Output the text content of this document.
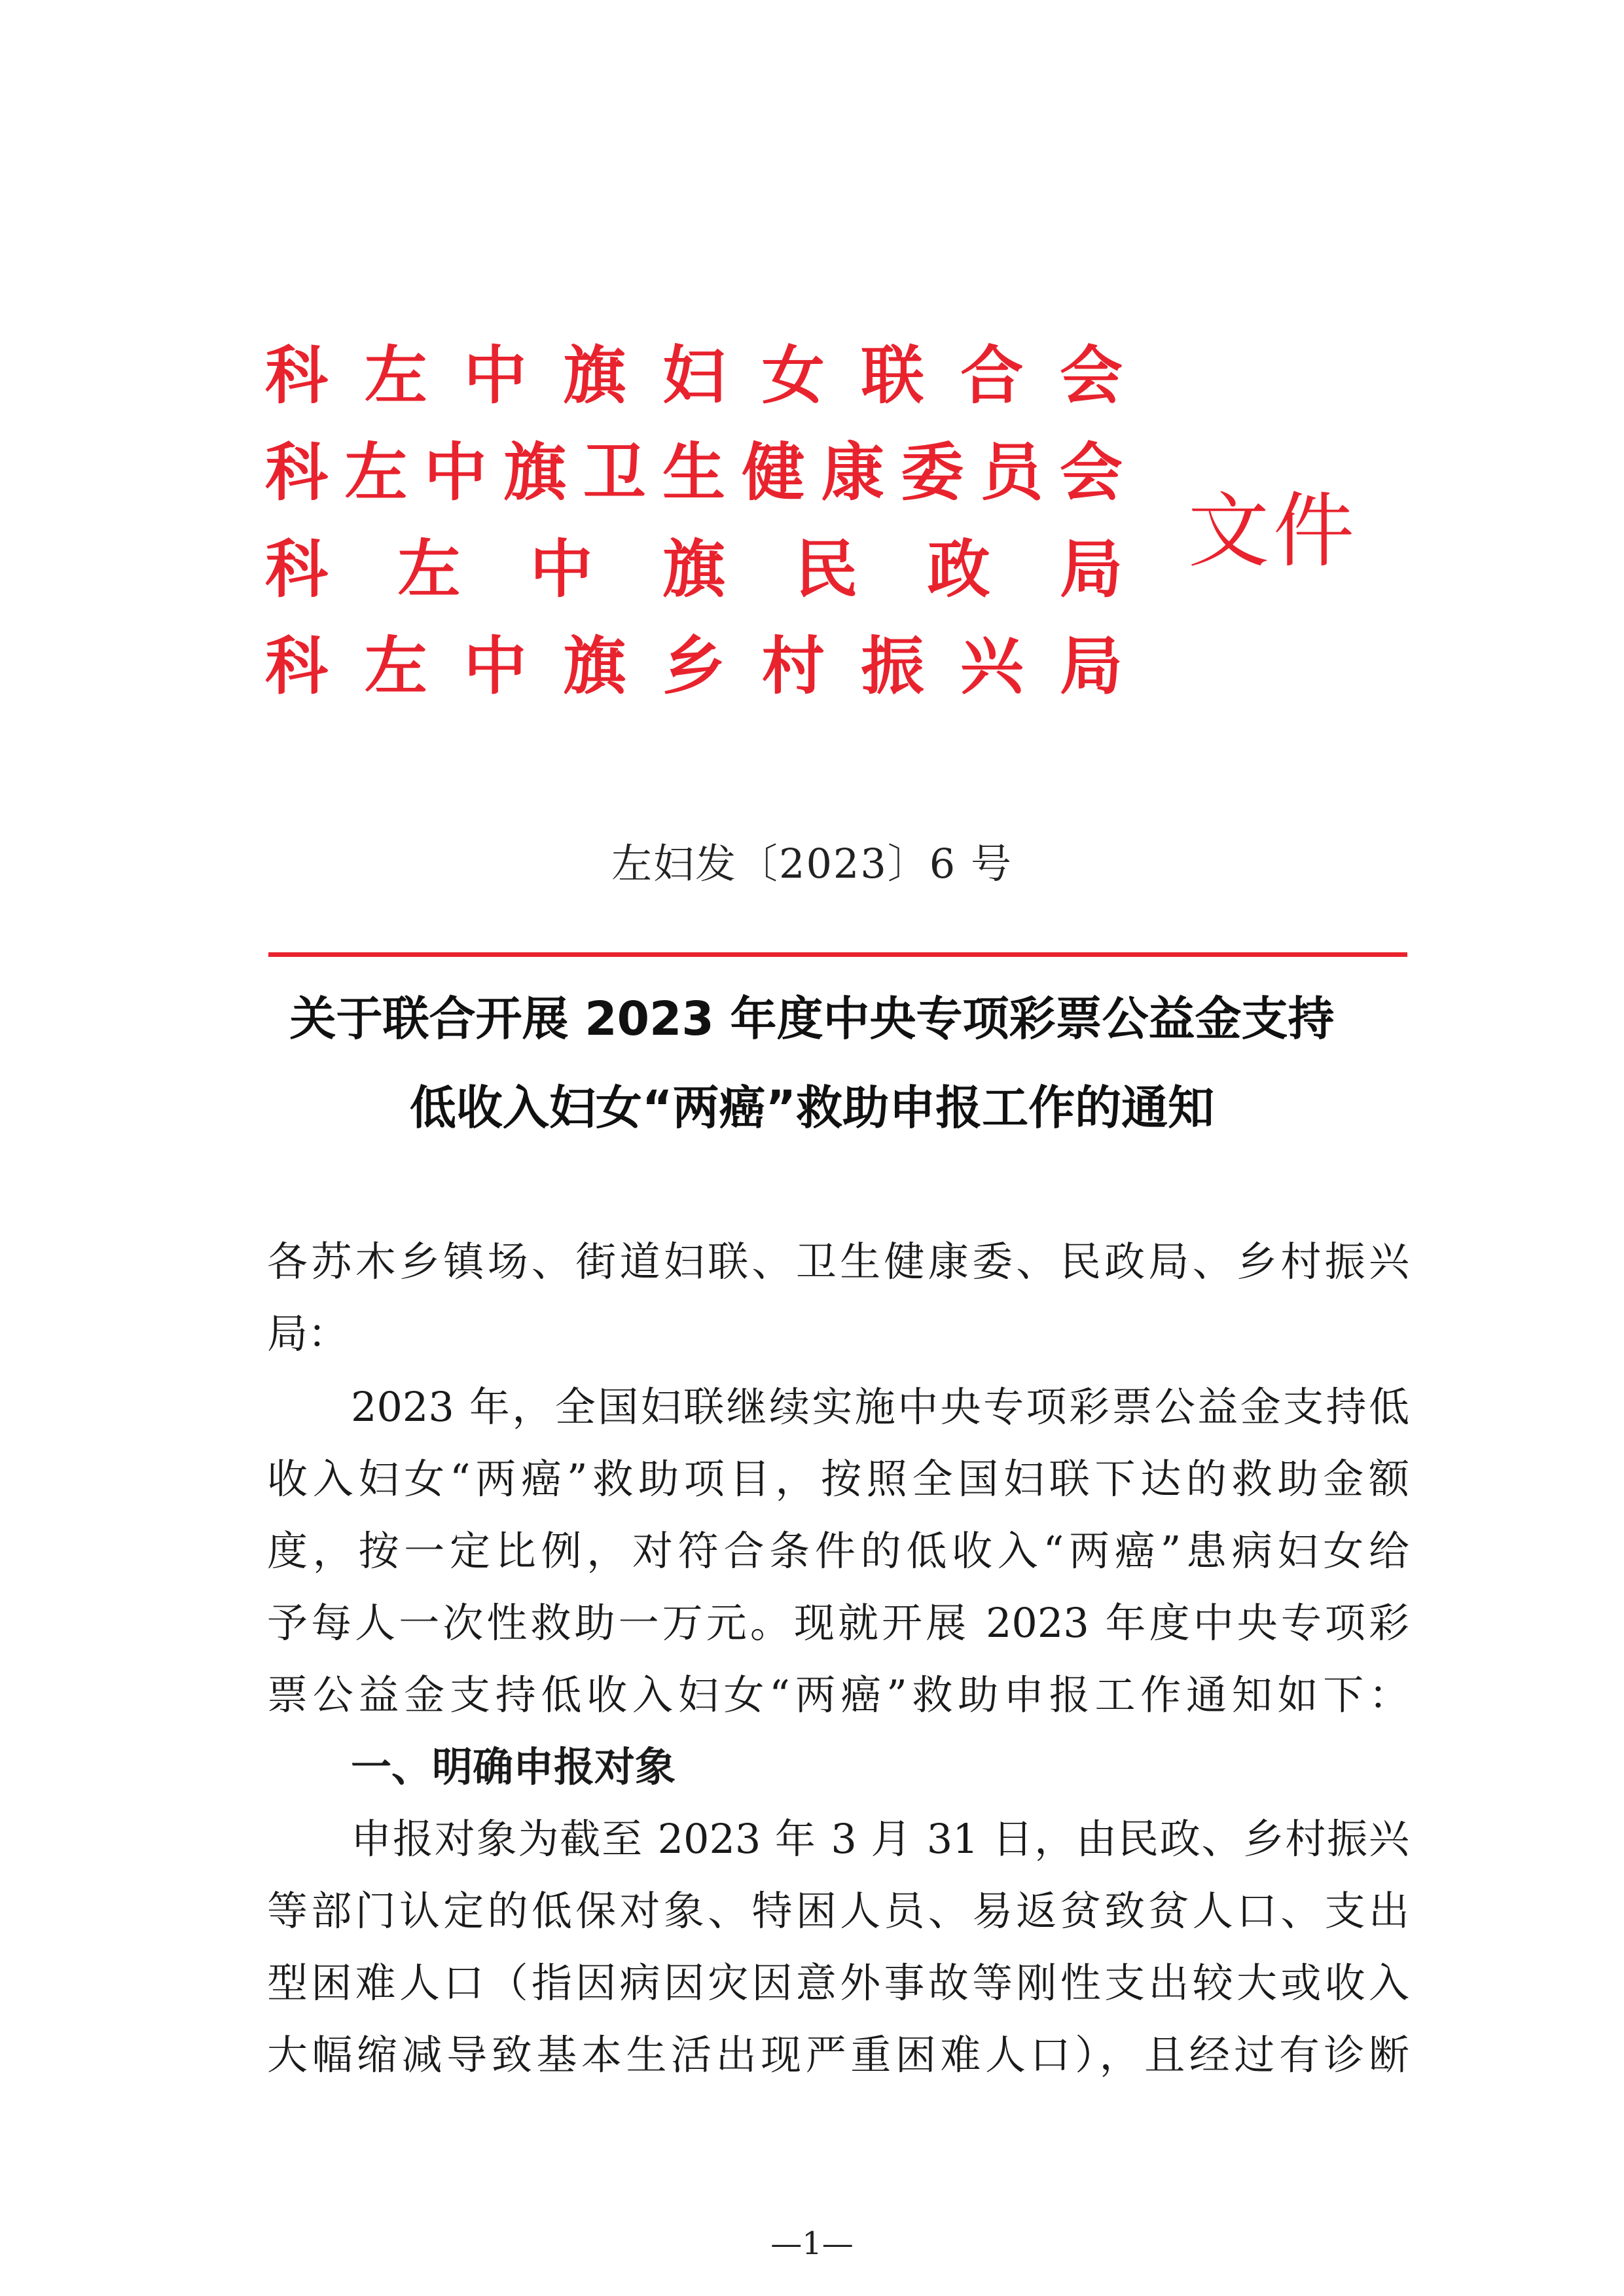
科 左 中 旗 妇 女 联 合 会
科 左 中 旗 卫 生 健 康 委 员 会
科 左 中 旗 民 政 局
科 左 中 旗 乡 村 振 兴 局
文件
左妇发〔2023〕6 号
关于联合开展 2023 年度中央专项彩票公益金支持
低收入妇女“两癌”救助申报工作的通知
各苏木乡镇场、街道妇联、卫生健康委、民政局、乡村振兴
局：
2023 年，全国妇联继续实施中央专项彩票公益金支持低
收入妇女“两癌”救助项目，按照全国妇联下达的救助金额
度，按一定比例，对符合条件的低收入“两癌”患病妇女给
予每人一次性救助一万元。现就开展 2023 年度中央专项彩
票公益金支持低收入妇女“两癌”救助申报工作通知如下：
一、明确申报对象
申报对象为截至 2023 年 3 月 31 日，由民政、乡村振兴
等部门认定的低保对象、特困人员、易返贫致贫人口、支出
型困难人口（指因病因灾因意外事故等刚性支出较大或收入
大幅缩减导致基本生活出现严重困难人口），且经过有诊断
—1—
